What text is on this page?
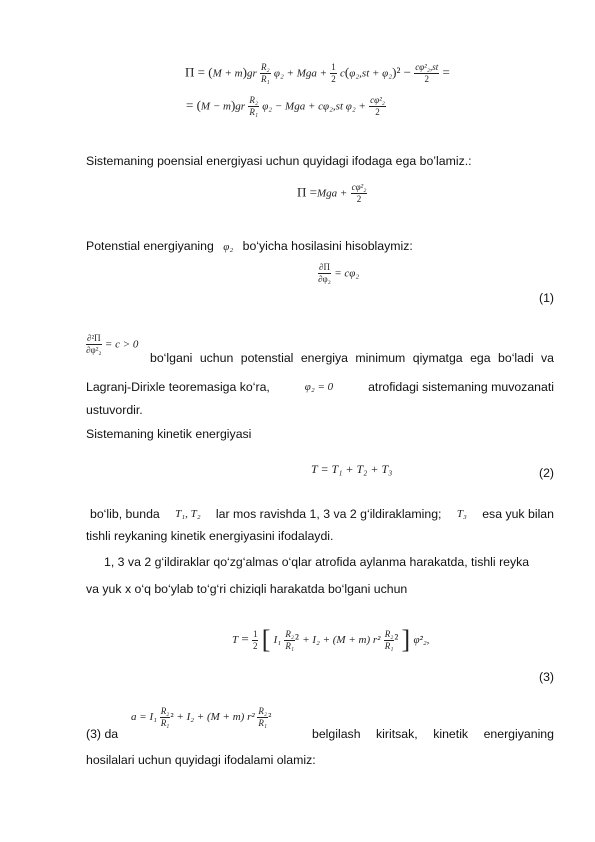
$\Pi = (M + m)gr \frac{\text{R₂}}{\text{R₁}} \varphi_2$ + Mga + $\frac{1}{2} c(\varphi_2,st + \varphi_2)^2 - \frac{\text{cφ²₂,st}}{2}$ =
= $(M - m)gr \frac{\text{R₂}}{\text{R₁}} \varphi_2$ − Mga + cφ₂,st $\varphi_2 + \frac{\text{cφ²₂}}{2}$
Sistemaning poensial energiyasi uchun quyidagi ifodaga ega bo’lamiz.:
$\Pi =Mga + \frac{\text{cφ²₂}}{2}$
Potenstial energiyaning φ₂ bo‘yicha hosilasini hisoblaymiz:
$\frac{\partial\Pi}{\text{∂φ₂}} = c\varphi_2$
(1)
$\frac{\text{∂²Π}}{\text{∂φ²₂}} = c > 0$
bo‘lgani uchun potenstial energiya minimum qiymatga ega bo‘ladi va
Lagranj-Dirixle teoremasiga ko‘ra,	φ₂ = 0	atrofidagi sistemaning muvozanati
ustuvordir.
Sistemaning kinetik energiyasi
T = T₁ + T₂ + T₃	(2)
bo‘lib, bunda T₁, T₂ lar mos ravishda 1, 3 va 2 g‘ildiraklaming; T₃ esa yuk bilan
tishli reykaning kinetik energiyasini ifodalaydi.
1, 3 va 2 g‘ildiraklar qo‘zg‘almas o‘qlar atrofida aylanma harakatda, tishli reyka
va yuk x o‘q bo‘ylab to‘g‘ri chiziqli harakatda bo‘lgani uchun
$T = \frac{1}{2}$ [ $I_1 \frac{\text{R₂}}{\text{R₁}} ^2 + I_2 + (M + m)$ $r^2 \frac{\text{R₂}}{\text{R₁}} ^2$ ] φ̇²₂,
(3)
$a = I_1 \frac{\text{R₂}}{\text{R₁}} ^2 + I_2 + (M + m)$ $r^2 \frac{\text{R₂}}{\text{R₁}} ^2$
(3) da	belgilash kiritsak, kinetik energiyaning
hosilalari uchun quyidagi ifodalami olamiz:
